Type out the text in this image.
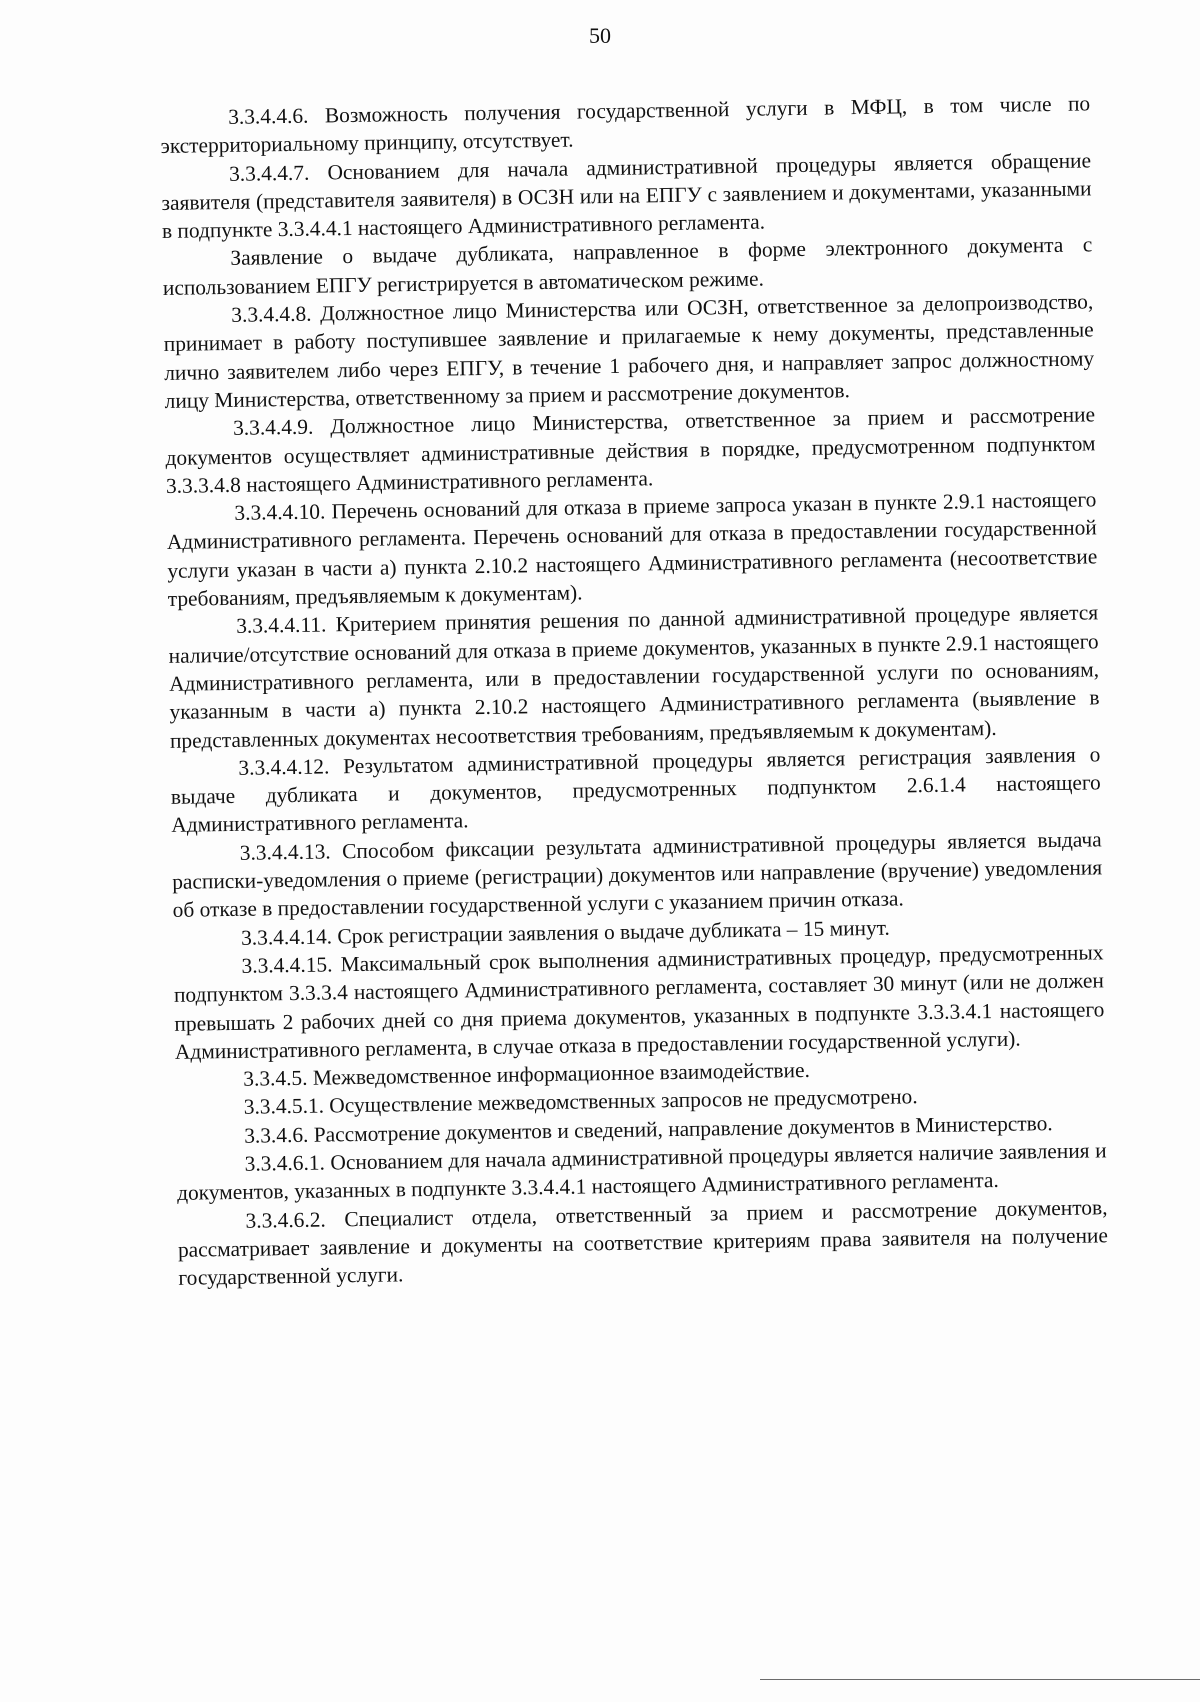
50

3.3.4.4.6. Возможность получения государственной услуги в МФЦ, в том числе по экстерриториальному принципу, отсутствует.

3.3.4.4.7. Основанием для начала административной процедуры является обращение заявителя (представителя заявителя) в ОСЗН или на ЕПГУ с заявлением и документами, указанными в подпункте 3.3.4.4.1 настоящего Административного регламента.

Заявление о выдаче дубликата, направленное в форме электронного документа с использованием ЕПГУ регистрируется в автоматическом режиме.

3.3.4.4.8. Должностное лицо Министерства или ОСЗН, ответственное за делопроизводство, принимает в работу поступившее заявление и прилагаемые к нему документы, представленные лично заявителем либо через ЕПГУ, в течение 1 рабочего дня, и направляет запрос должностному лицу Министерства, ответственному за прием и рассмотрение документов.

3.3.4.4.9. Должностное лицо Министерства, ответственное за прием и рассмотрение документов осуществляет административные действия в порядке, предусмотренном подпунктом 3.3.3.4.8 настоящего Административного регламента.

3.3.4.4.10. Перечень оснований для отказа в приеме запроса указан в пункте 2.9.1 настоящего Административного регламента. Перечень оснований для отказа в предоставлении государственной услуги указан в части а) пункта 2.10.2 настоящего Административного регламента (несоответствие требованиям, предъявляемым к документам).

3.3.4.4.11. Критерием принятия решения по данной административной процедуре является наличие/отсутствие оснований для отказа в приеме документов, указанных в пункте 2.9.1 настоящего Административного регламента, или в предоставлении государственной услуги по основаниям, указанным в части а) пункта 2.10.2 настоящего Административного регламента (выявление в представленных документах несоответствия требованиям, предъявляемым к документам).

3.3.4.4.12. Результатом административной процедуры является регистрация заявления о выдаче дубликата и документов, предусмотренных подпунктом 2.6.1.4 настоящего Административного регламента.

3.3.4.4.13. Способом фиксации результата административной процедуры является выдача расписки-уведомления о приеме (регистрации) документов или направление (вручение) уведомления об отказе в предоставлении государственной услуги с указанием причин отказа.

3.3.4.4.14. Срок регистрации заявления о выдаче дубликата – 15 минут.

3.3.4.4.15. Максимальный срок выполнения административных процедур, предусмотренных подпунктом 3.3.3.4 настоящего Административного регламента, составляет 30 минут (или не должен превышать 2 рабочих дней со дня приема документов, указанных в подпункте 3.3.3.4.1 настоящего Административного регламента, в случае отказа в предоставлении государственной услуги).

3.3.4.5. Межведомственное информационное взаимодействие.

3.3.4.5.1. Осуществление межведомственных запросов не предусмотрено.

3.3.4.6. Рассмотрение документов и сведений, направление документов в Министерство.

3.3.4.6.1. Основанием для начала административной процедуры является наличие заявления и документов, указанных в подпункте 3.3.4.4.1 настоящего Административного регламента.

3.3.4.6.2. Специалист отдела, ответственный за прием и рассмотрение документов, рассматривает заявление и документы на соответствие критериям права заявителя на получение государственной услуги.
